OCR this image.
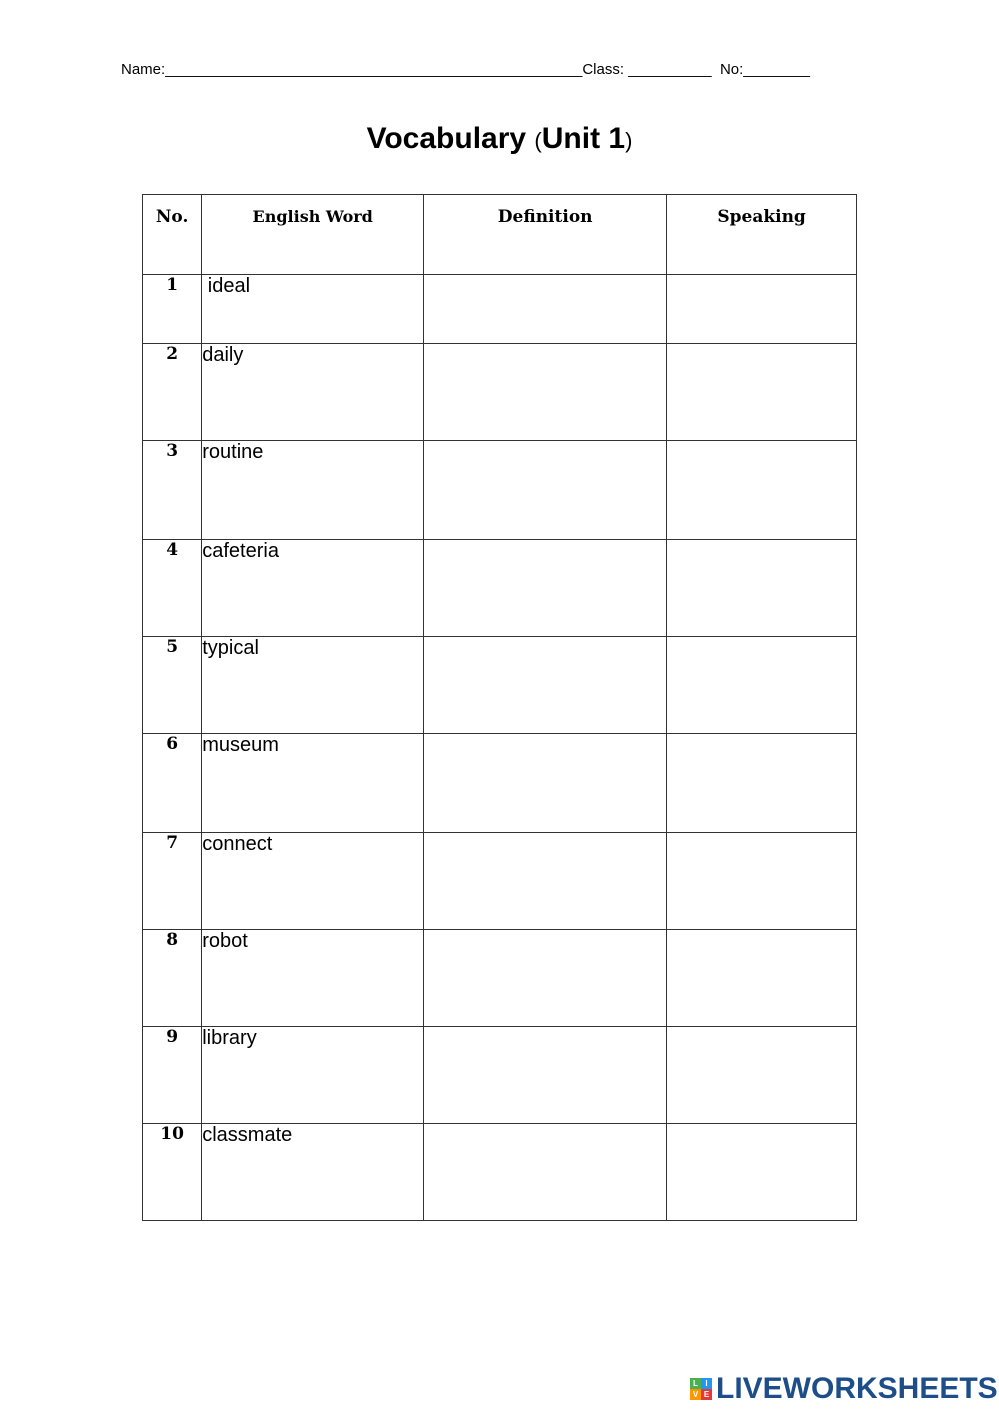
Name:__________________________________________________Class: __________ No:________
Vocabulary (Unit 1)
No.	English Word	Definition	Speaking
1	ideal		
2	daily		
3	routine		
4	cafeteria		
5	typical		
6	museum		
7	connect		
8	robot		
9	library		
10	classmate		
L I
V E LIVEWORKSHEETS
